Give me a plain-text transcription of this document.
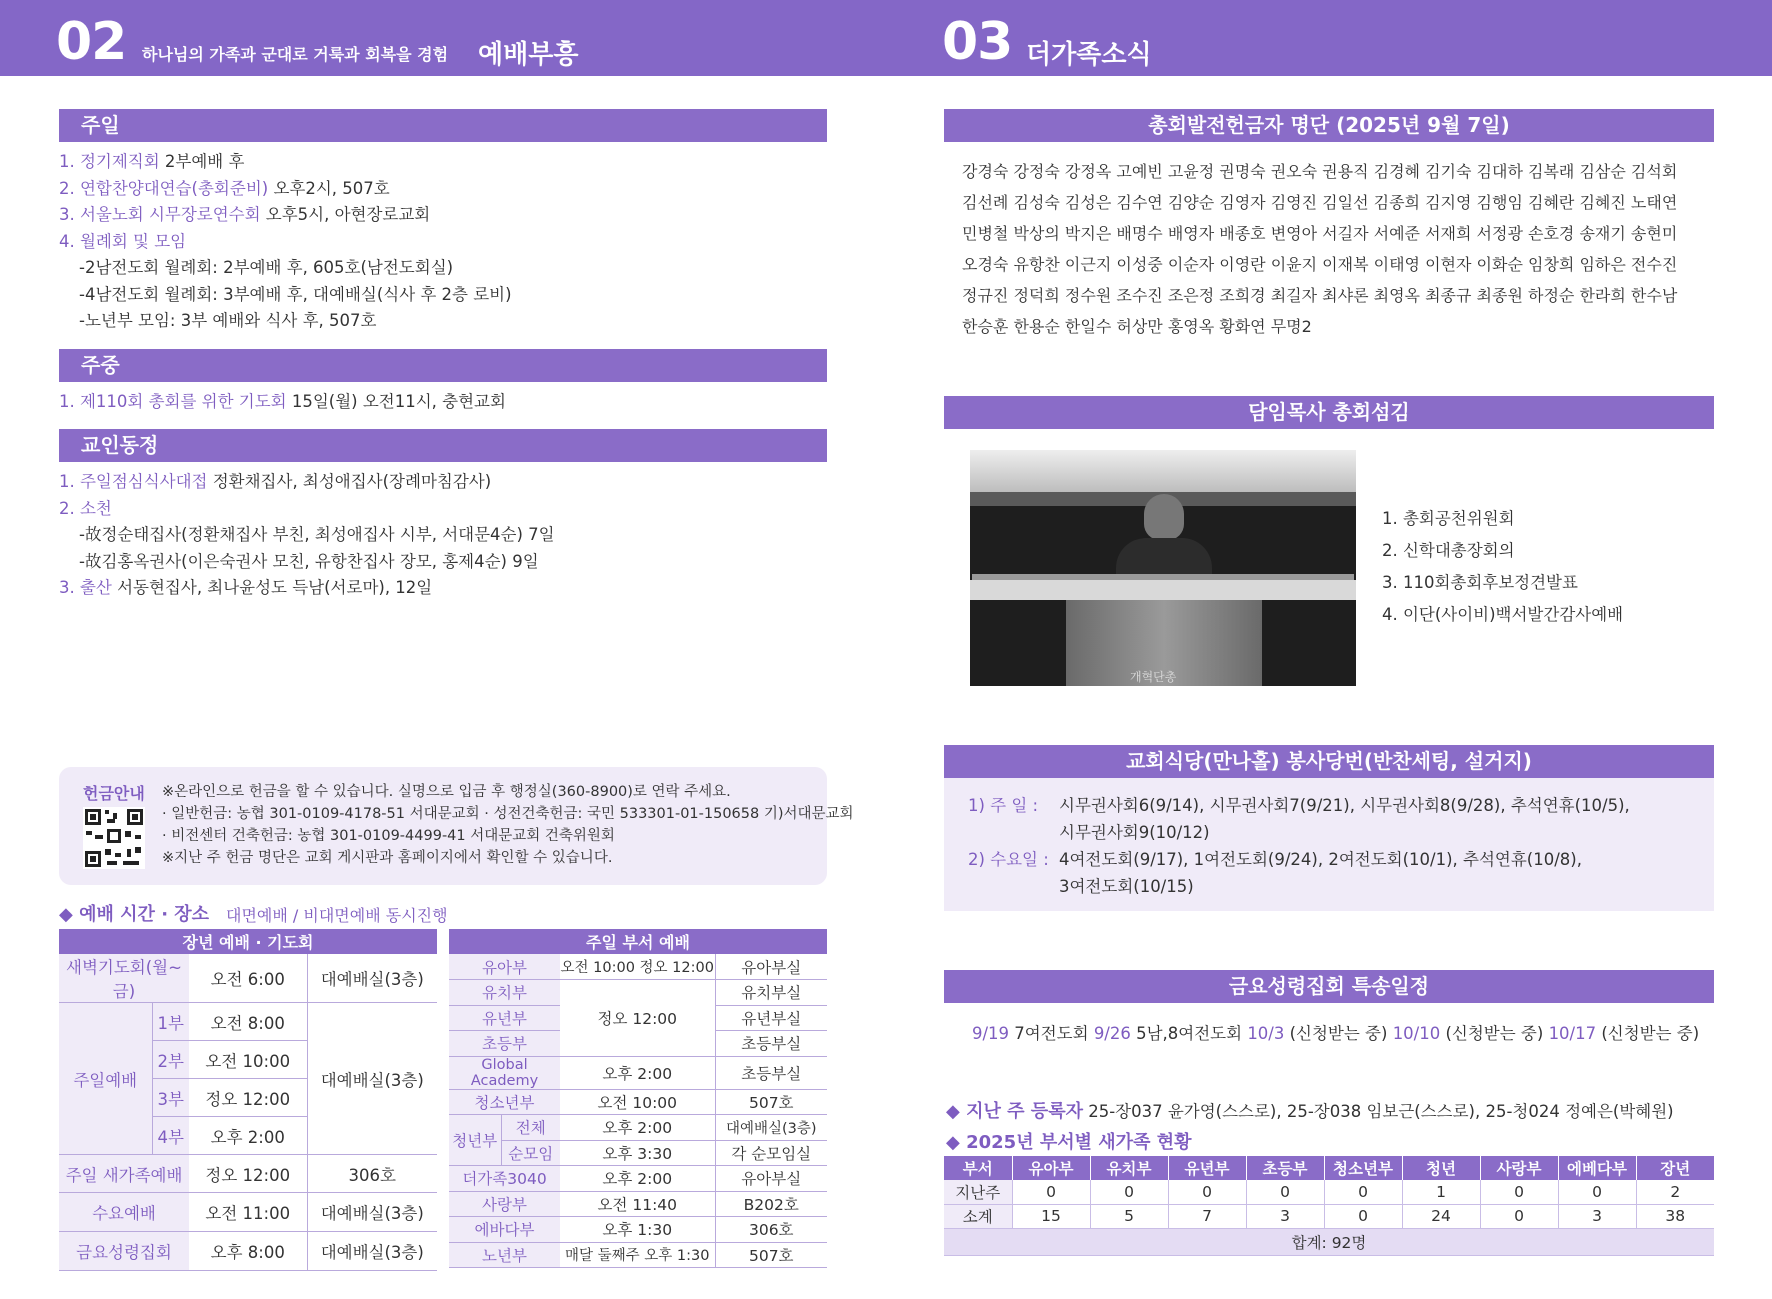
02 하나님의 가족과 군대로 거룩과 회복을 경험 예배부흥	03 더가족소식
주일
1. 정기제직회 2부예배 후
2. 연합찬양대연습(총회준비) 오후2시, 507호
3. 서울노회 시무장로연수회 오후5시, 아현장로교회
4. 월례회 및 모임
-2남전도회 월례회: 2부예배 후, 605호(남전도회실)
-4남전도회 월례회: 3부예배 후, 대예배실(식사 후 2층 로비)
-노년부 모임: 3부 예배와 식사 후, 507호
주중
1. 제110회 총회를 위한 기도회 15일(월) 오전11시, 충현교회
교인동정
1. 주일점심식사대접 정환채집사, 최성애집사(장례마침감사)
2. 소천
-故정순태집사(정환채집사 부친, 최성애집사 시부, 서대문4순) 7일
-故김홍옥권사(이은숙권사 모친, 유항찬집사 장모, 홍제4순) 9일
3. 출산 서동현집사, 최나윤성도 득남(서로마), 12일
헌금안내 ※온라인으로 헌금을 할 수 있습니다. 실명으로 입금 후 행정실(360-8900)로 연락 주세요.
· 일반헌금: 농협 301-0109-4178-51 서대문교회 · 성전건축헌금: 국민 533301-01-150658 기)서대문교회
· 비전센터 건축헌금: 농협 301-0109-4499-41 서대문교회 건축위원회
※지난 주 헌금 명단은 교회 게시판과 홈페이지에서 확인할 수 있습니다.
◆ 예배 시간 · 장소 대면예배 / 비대면예배 동시진행
장년 예배 · 기도회			
새벽기도회(월~금)		오전 6:00	대예배실(3층)
주일예배	1부	오전 8:00	대예배실(3층)
	2부	오전 10:00	
	3부	정오 12:00	
	4부	오후 2:00	
주일 새가족예배		정오 12:00	306호
수요예배		오전 11:00	대예배실(3층)
금요성령집회		오후 8:00	대예배실(3층)
주일 부서 예배			
유아부		오전 10:00 정오 12:00	유아부실
유치부		정오 12:00	유치부실
유년부			유년부실
초등부			초등부실
Global Academy		오후 2:00	초등부실
청소년부		오전 10:00	507호
청년부	전체	오후 2:00	대예배실(3층)
	순모임	오후 3:30	각 순모임실
더가족3040		오후 2:00	유아부실
사랑부		오전 11:40	B202호
에바다부		오후 1:30	306호
노년부		매달 둘째주 오후 1:30	507호
총회발전헌금자 명단 (2025년 9월 7일)
강경숙 강정숙 강정옥 고예빈 고윤정 권명숙 권오숙 권용직 김경혜 김기숙 김대하 김복래 김삼순 김석회
김선례 김성숙 김성은 김수연 김양순 김영자 김영진 김일선 김종희 김지영 김행임 김혜란 김혜진 노태연
민병철 박상의 박지은 배명수 배영자 배종호 변영아 서길자 서예준 서재희 서정광 손호경 송재기 송현미
오경숙 유항찬 이근지 이성중 이순자 이영란 이윤지 이재복 이태영 이현자 이화순 임창희 임하은 전수진
정규진 정덕희 정수원 조수진 조은정 조희경 최길자 최샤론 최영옥 최종규 최종원 하정순 한라희 한수남
한승훈 한용순 한일수 허상만 홍영옥 황화연 무명2
담임목사 총회섬김
개혁단총
1. 총회공천위원회
2. 신학대총장회의
3. 110회총회후보정견발표
4. 이단(사이비)백서발간감사예배
교회식당(만나홀) 봉사당번(반찬세팅, 설거지)
1) 주 일 : 시무권사회6(9/14), 시무권사회7(9/21), 시무권사회8(9/28), 추석연휴(10/5),
시무권사회9(10/12)
2) 수요일 : 4여전도회(9/17), 1여전도회(9/24), 2여전도회(10/1), 추석연휴(10/8),
3여전도회(10/15)
금요성령집회 특송일정
9/19 7여전도회 9/26 5남,8여전도회 10/3 (신청받는 중) 10/10 (신청받는 중) 10/17 (신청받는 중)
◆ 지난 주 등록자 25-장037 윤가영(스스로), 25-장038 임보근(스스로), 25-청024 정예은(박혜원)
◆ 2025년 부서별 새가족 현황
부서	유아부	유치부	유년부	초등부	청소년부	청년	사랑부	에베다부	장년
지난주	0	0	0	0	0	1	0	0	2
소계	15	5	7	3	0	24	0	3	38
합계: 92명									
